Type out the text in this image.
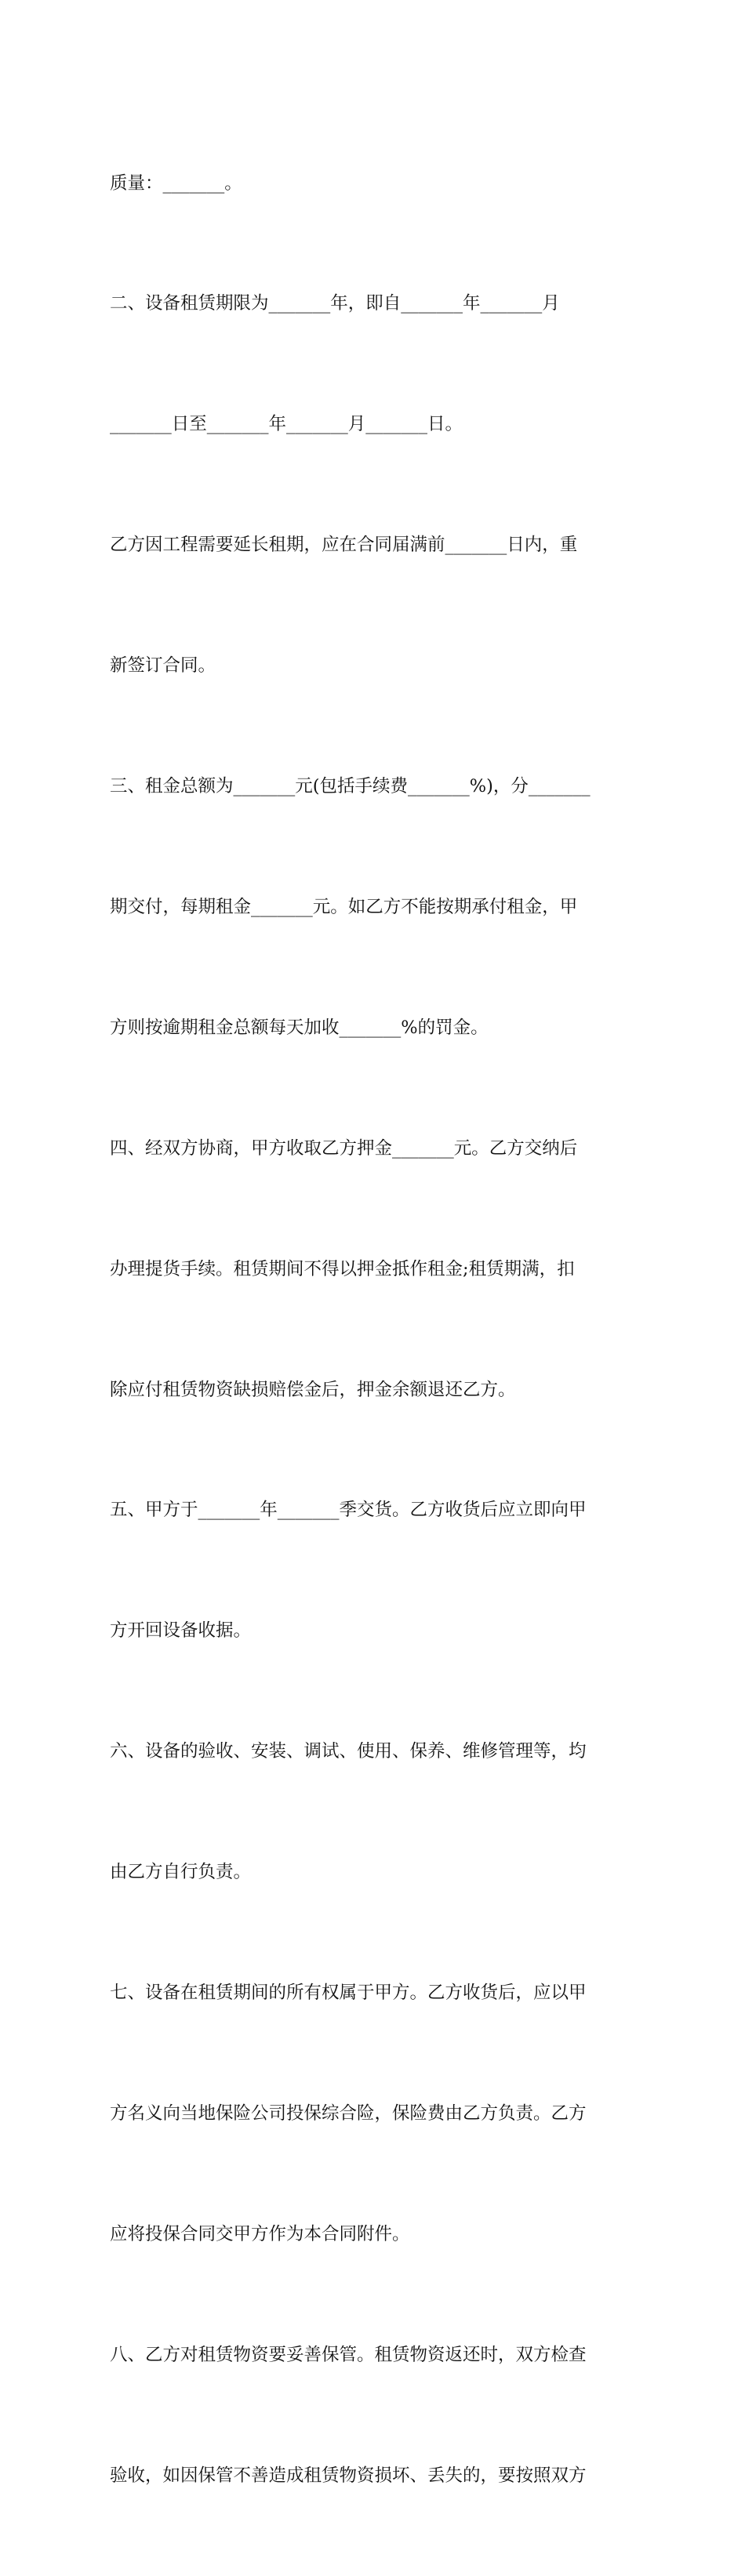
质量：_______。

二、设备租赁期限为_______年，即自_______年_______月

_______日至_______年_______月_______日。

乙方因工程需要延长租期，应在合同届满前_______日内，重

新签订合同。

三、租金总额为_______元(包括手续费_______%)，分_______

期交付，每期租金_______元。如乙方不能按期承付租金，甲

方则按逾期租金总额每天加收_______%的罚金。

四、经双方协商，甲方收取乙方押金_______元。乙方交纳后

办理提货手续。租赁期间不得以押金抵作租金;租赁期满，扣

除应付租赁物资缺损赔偿金后，押金余额退还乙方。

五、甲方于_______年_______季交货。乙方收货后应立即向甲

方开回设备收据。

六、设备的验收、安装、调试、使用、保养、维修管理等，均

由乙方自行负责。

七、设备在租赁期间的所有权属于甲方。乙方收货后，应以甲

方名义向当地保险公司投保综合险，保险费由乙方负责。乙方

应将投保合同交甲方作为本合同附件。

八、乙方对租赁物资要妥善保管。租赁物资返还时，双方检查

验收，如因保管不善造成租赁物资损坏、丢失的，要按照双方
